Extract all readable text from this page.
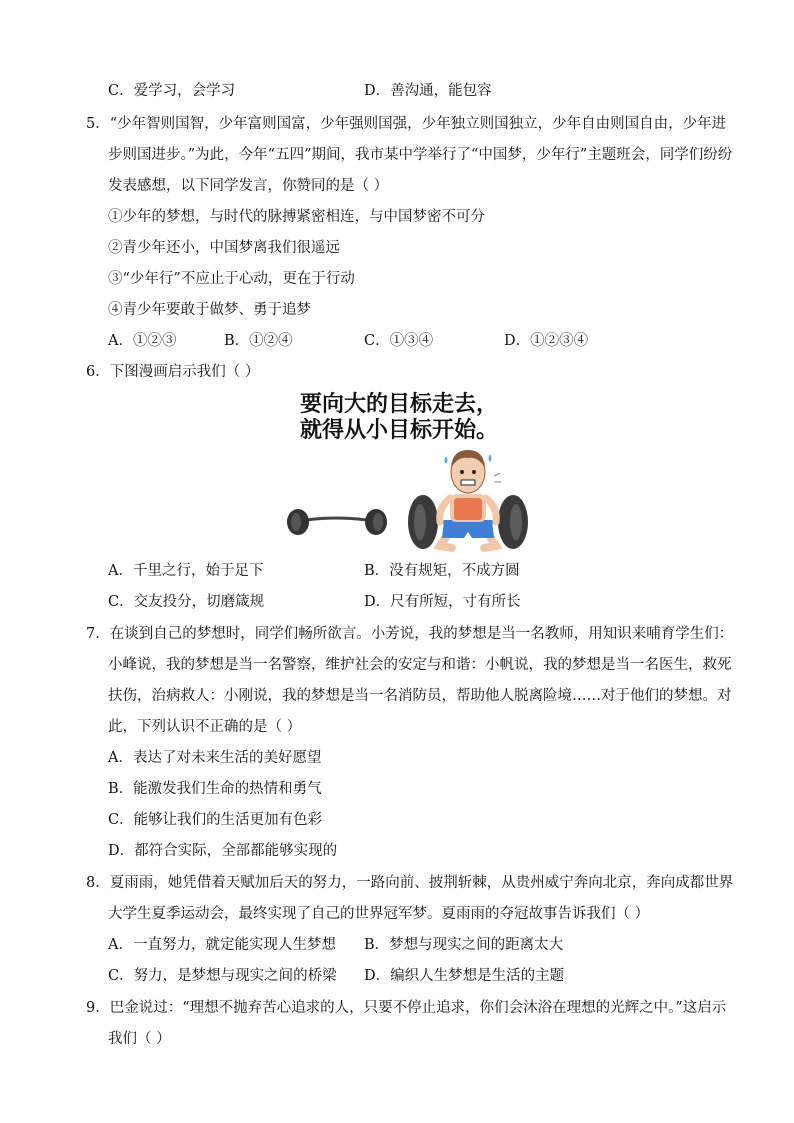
C．爱学习，会学习	D．善沟通，能包容
5．“少年智则国智，少年富则国富，少年强则国强，少年独立则国独立，少年自由则国自由，少年进
步则国进步。”为此，今年“五四”期间，我市某中学举行了“中国梦，少年行”主题班会，同学们纷纷
发表感想，以下同学发言，你赞同的是（ ）
①少年的梦想，与时代的脉搏紧密相连，与中国梦密不可分
②青少年还小，中国梦离我们很遥远
③“少年行”不应止于心动，更在于行动
④青少年要敢于做梦、勇于追梦
A．①②③	B．①②④	C．①③④	D．①②③④
6．下图漫画启示我们（ ）
要向大的目标走去，
就得从小目标开始。
A．千里之行，始于足下	B．没有规矩，不成方圆
C．交友投分，切磨箴规	D．尺有所短，寸有所长
7．在谈到自己的梦想时，同学们畅所欲言。小芳说，我的梦想是当一名教师，用知识来哺育学生们：
小峰说，我的梦想是当一名警察，维护社会的安定与和谐：小帆说，我的梦想是当一名医生，救死
扶伤，治病救人：小刚说，我的梦想是当一名消防员，帮助他人脱离险境……对于他们的梦想。对
此，下列认识不正确的是（ ）
A．表达了对未来生活的美好愿望
B．能激发我们生命的热情和勇气
C．能够让我们的生活更加有色彩
D．都符合实际，全部都能够实现的
8．夏雨雨，她凭借着天赋加后天的努力，一路向前、披荆斩棘，从贵州威宁奔向北京，奔向成都世界
大学生夏季运动会，最终实现了自己的世界冠军梦。夏雨雨的夺冠故事告诉我们（ ）
A．一直努力，就定能实现人生梦想 B．梦想与现实之间的距离太大
C．努力，是梦想与现实之间的桥梁 D．编织人生梦想是生活的主题
9．巴金说过：“理想不抛弃苦心追求的人，只要不停止追求，你们会沐浴在理想的光辉之中。”这启示
我们（ ）
